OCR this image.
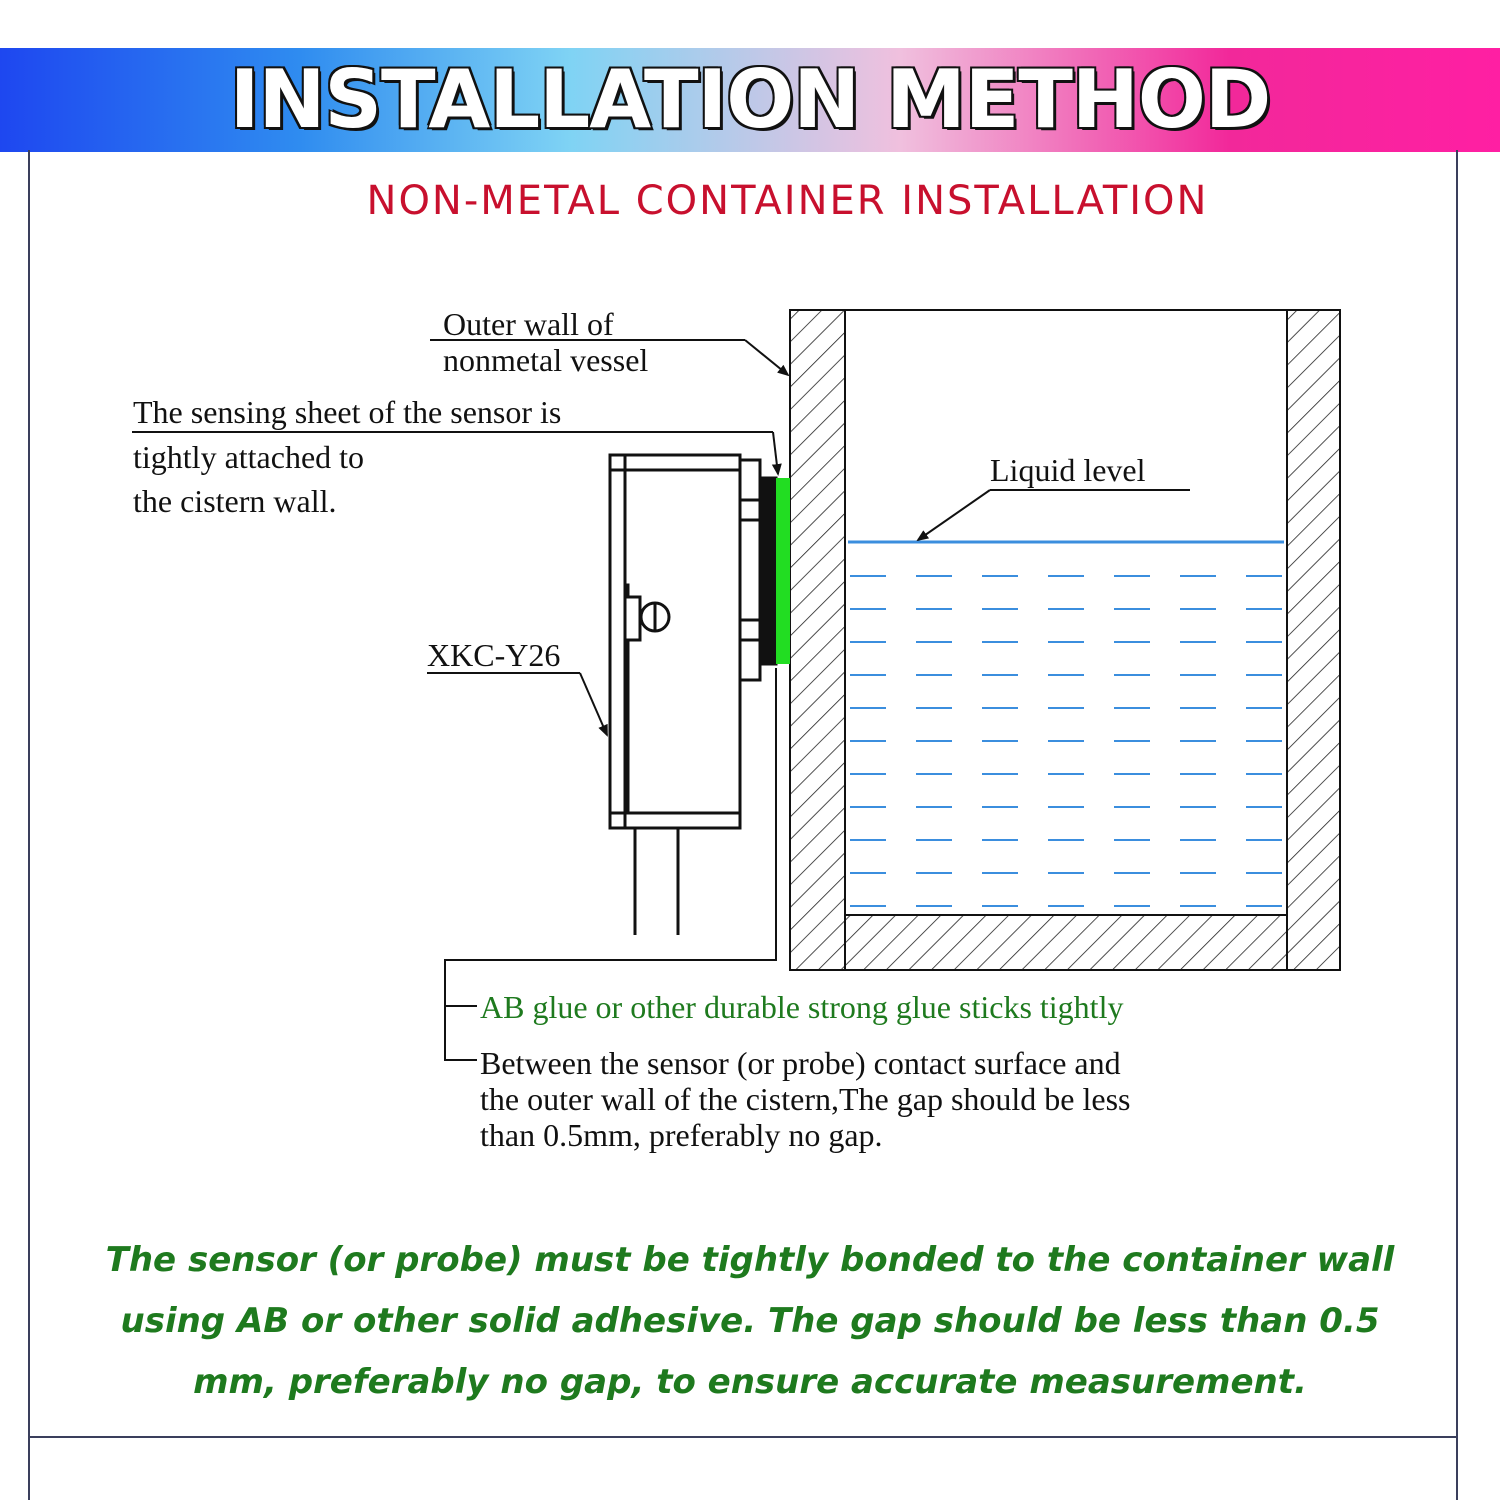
INSTALLATION METHOD
NON-METAL CONTAINER INSTALLATION
Outer wall of
nonmetal vessel
The sensing sheet of the sensor is
tightly attached to
the cistern wall.
Liquid level
XKC-Y26
AB glue or other durable strong glue sticks tightly
Between the sensor (or probe) contact surface and
the outer wall of the cistern,The gap should be less
than 0.5mm, preferably no gap.
The sensor (or probe) must be tightly bonded to the container wall using AB or other solid adhesive. The gap should be less than 0.5 mm, preferably no gap, to ensure accurate measurement.
